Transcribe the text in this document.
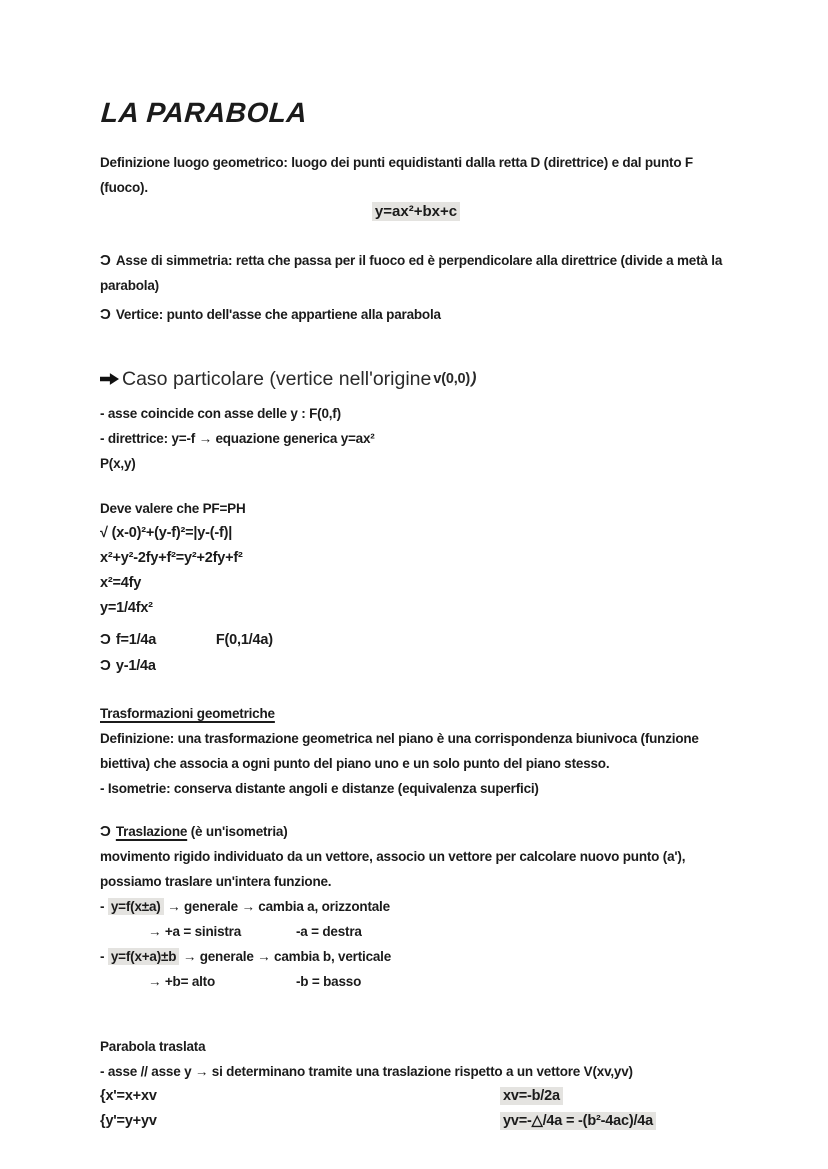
LA PARABOLA

Definizione luogo geometrico: luogo dei punti equidistanti dalla retta D (direttrice) e dal punto F (fuoco).

y=ax²+bx+c

Ɔ Asse di simmetria: retta che passa per il fuoco ed è perpendicolare alla direttrice (divide a metà la parabola)

Ɔ Vertice: punto dell'asse che appartiene alla parabola

Caso particolare (vertice nell'origine v(0,0) )

- asse coincide con asse delle y : F(0,f)

- direttrice: y=-f → equazione generica y=ax²

P(x,y)

Deve valere che PF=PH

√ (x-0)²+(y-f)²=|y-(-f)|

x²+y²-2fy+f²=y²+2fy+f²

x²=4fy

y=1/4fx²

Ɔ f=1/4a	F(0,1/4a)

Ɔ y-1/4a

Trasformazioni geometriche

Definizione: una trasformazione geometrica nel piano è una corrispondenza biunivoca (funzione biettiva) che associa a ogni punto del piano uno e un solo punto del piano stesso.

- Isometrie: conserva distante angoli e distanze (equivalenza superfici)

Ɔ Traslazione (è un'isometria)

movimento rigido individuato da un vettore, associo un vettore per calcolare nuovo punto (a'), possiamo traslare un'intera funzione.

- y=f(x±a) → generale → cambia a, orizzontale

→ +a = sinistra	-a = destra

- y=f(x+a)±b → generale → cambia b, verticale

→ +b= alto	-b = basso

Parabola traslata

- asse // asse y → si determinano tramite una traslazione rispetto a un vettore V(xv,yv)

{x'=x+xv	xv=-b/2a
{y'=y+yv	yv=-△/4a = -(b²-4ac)/4a
